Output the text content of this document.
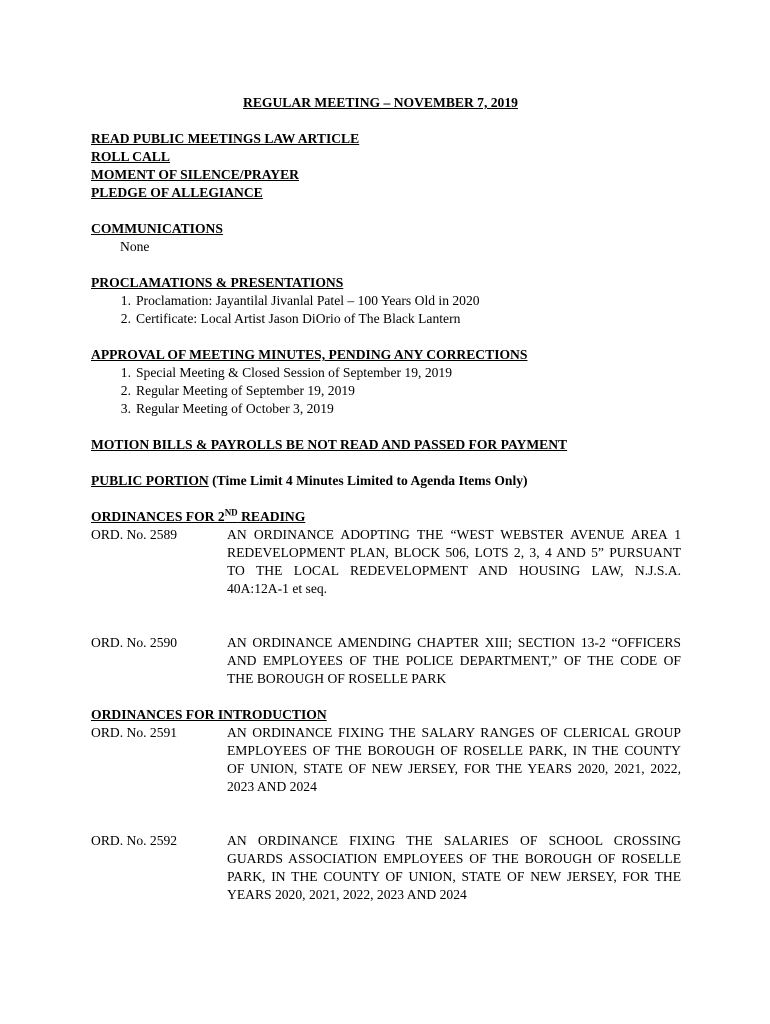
REGULAR MEETING – NOVEMBER 7, 2019
READ PUBLIC MEETINGS LAW ARTICLE
ROLL CALL
MOMENT OF SILENCE/PRAYER
PLEDGE OF ALLEGIANCE
COMMUNICATIONS
None
PROCLAMATIONS & PRESENTATIONS
1. Proclamation: Jayantilal Jivanlal Patel – 100 Years Old in 2020
2. Certificate: Local Artist Jason DiOrio of The Black Lantern
APPROVAL OF MEETING MINUTES, PENDING ANY CORRECTIONS
1. Special Meeting & Closed Session of September 19, 2019
2. Regular Meeting of September 19, 2019
3. Regular Meeting of October 3, 2019
MOTION BILLS & PAYROLLS BE NOT READ AND PASSED FOR PAYMENT
PUBLIC PORTION (Time Limit 4 Minutes Limited to Agenda Items Only)
ORDINANCES FOR 2ND READING
ORD. No. 2589	AN ORDINANCE ADOPTING THE “WEST WEBSTER AVENUE AREA 1 REDEVELOPMENT PLAN, BLOCK 506, LOTS 2, 3, 4 AND 5” PURSUANT TO THE LOCAL REDEVELOPMENT AND HOUSING LAW, N.J.S.A. 40A:12A-1 et seq.
ORD. No. 2590	AN ORDINANCE AMENDING CHAPTER XIII; SECTION 13-2 “OFFICERS AND EMPLOYEES OF THE POLICE DEPARTMENT,” OF THE CODE OF THE BOROUGH OF ROSELLE PARK
ORDINANCES FOR INTRODUCTION
ORD. No. 2591	AN ORDINANCE FIXING THE SALARY RANGES OF CLERICAL GROUP EMPLOYEES OF THE BOROUGH OF ROSELLE PARK, IN THE COUNTY OF UNION, STATE OF NEW JERSEY, FOR THE YEARS 2020, 2021, 2022, 2023 AND 2024
ORD. No. 2592	AN ORDINANCE FIXING THE SALARIES OF SCHOOL CROSSING GUARDS ASSOCIATION EMPLOYEES OF THE BOROUGH OF ROSELLE PARK, IN THE COUNTY OF UNION, STATE OF NEW JERSEY, FOR THE YEARS 2020, 2021, 2022, 2023 AND 2024
